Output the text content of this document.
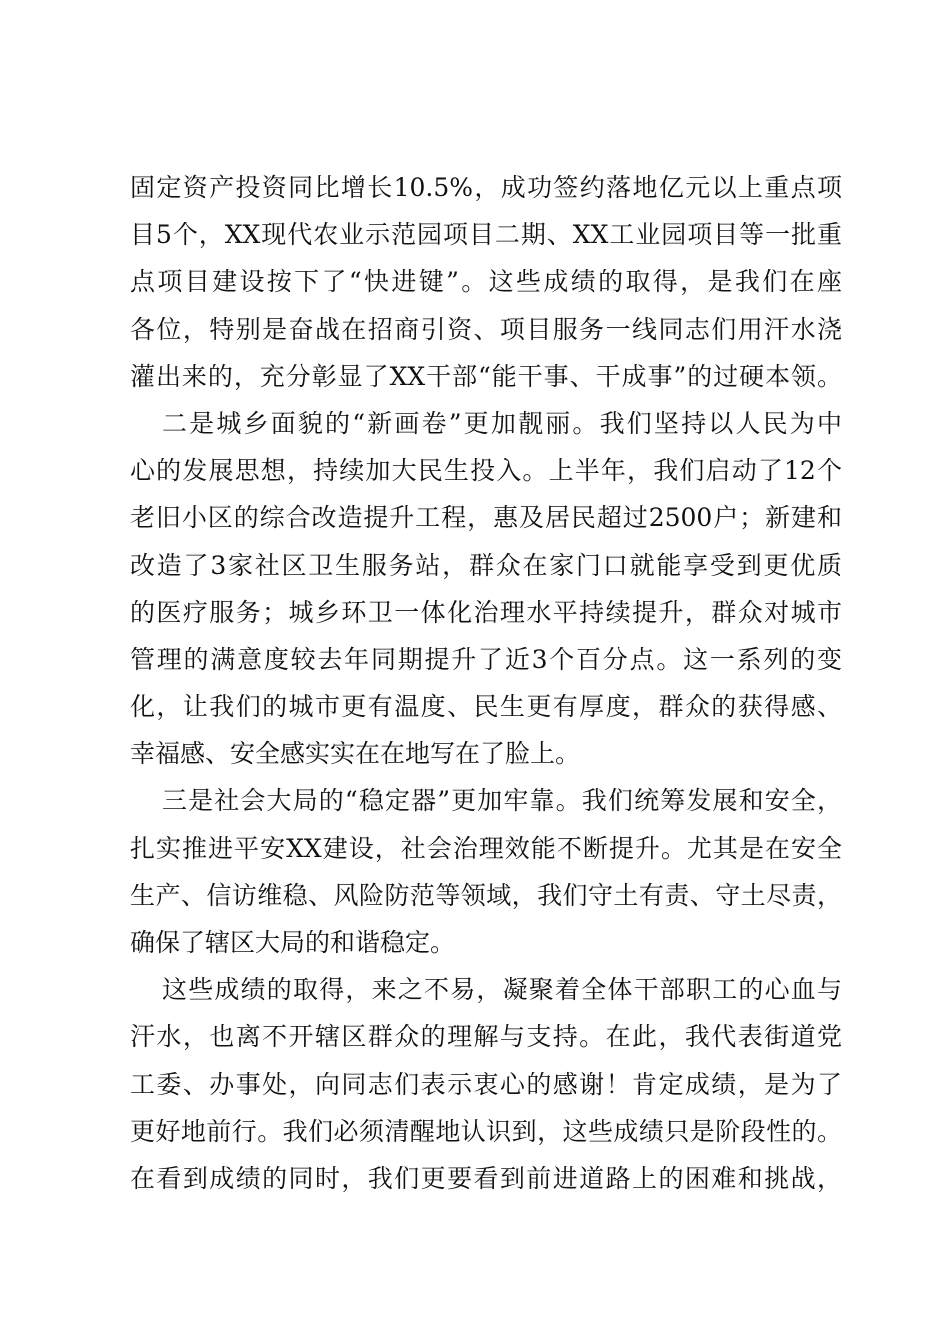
固定资产投资同比增长10.5%，成功签约落地亿元以上重点项
目5个，XX现代农业示范园项目二期、XX工业园项目等一批重
点项目建设按下了“快进键”。这些成绩的取得，是我们在座
各位，特别是奋战在招商引资、项目服务一线同志们用汗水浇
灌出来的，充分彰显了XX干部“能干事、干成事”的过硬本领。
二是城乡面貌的“新画卷”更加靓丽。我们坚持以人民为中
心的发展思想，持续加大民生投入。上半年，我们启动了12个
老旧小区的综合改造提升工程，惠及居民超过2500户；新建和
改造了3家社区卫生服务站，群众在家门口就能享受到更优质
的医疗服务；城乡环卫一体化治理水平持续提升，群众对城市
管理的满意度较去年同期提升了近3个百分点。这一系列的变
化，让我们的城市更有温度、民生更有厚度，群众的获得感、
幸福感、安全感实实在在地写在了脸上。
三是社会大局的“稳定器”更加牢靠。我们统筹发展和安全，
扎实推进平安XX建设，社会治理效能不断提升。尤其是在安全
生产、信访维稳、风险防范等领域，我们守土有责、守土尽责，
确保了辖区大局的和谐稳定。
这些成绩的取得，来之不易，凝聚着全体干部职工的心血与
汗水，也离不开辖区群众的理解与支持。在此，我代表街道党
工委、办事处，向同志们表示衷心的感谢！肯定成绩，是为了
更好地前行。我们必须清醒地认识到，这些成绩只是阶段性的。
在看到成绩的同时，我们更要看到前进道路上的困难和挑战，
